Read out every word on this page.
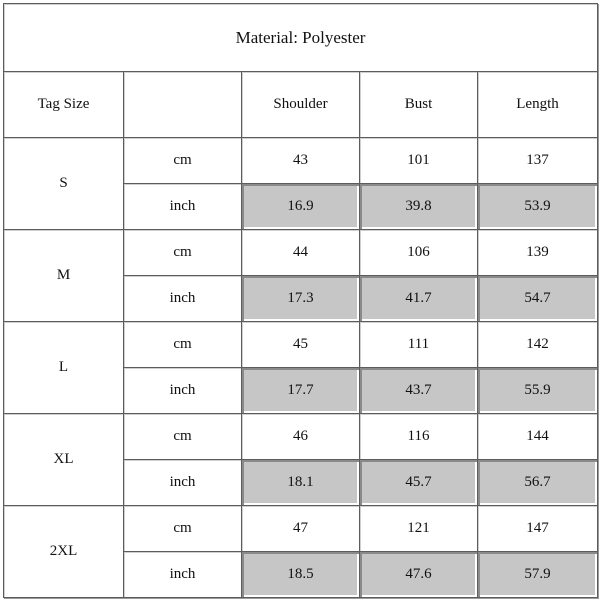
Material: Polyester				
Tag Size		Shoulder	Bust	Length
S	cm	43	101	137
	inch	16.9	39.8	53.9
M	cm	44	106	139
	inch	17.3	41.7	54.7
L	cm	45	111	142
	inch	17.7	43.7	55.9
XL	cm	46	116	144
	inch	18.1	45.7	56.7
2XL	cm	47	121	147
	inch	18.5	47.6	57.9
